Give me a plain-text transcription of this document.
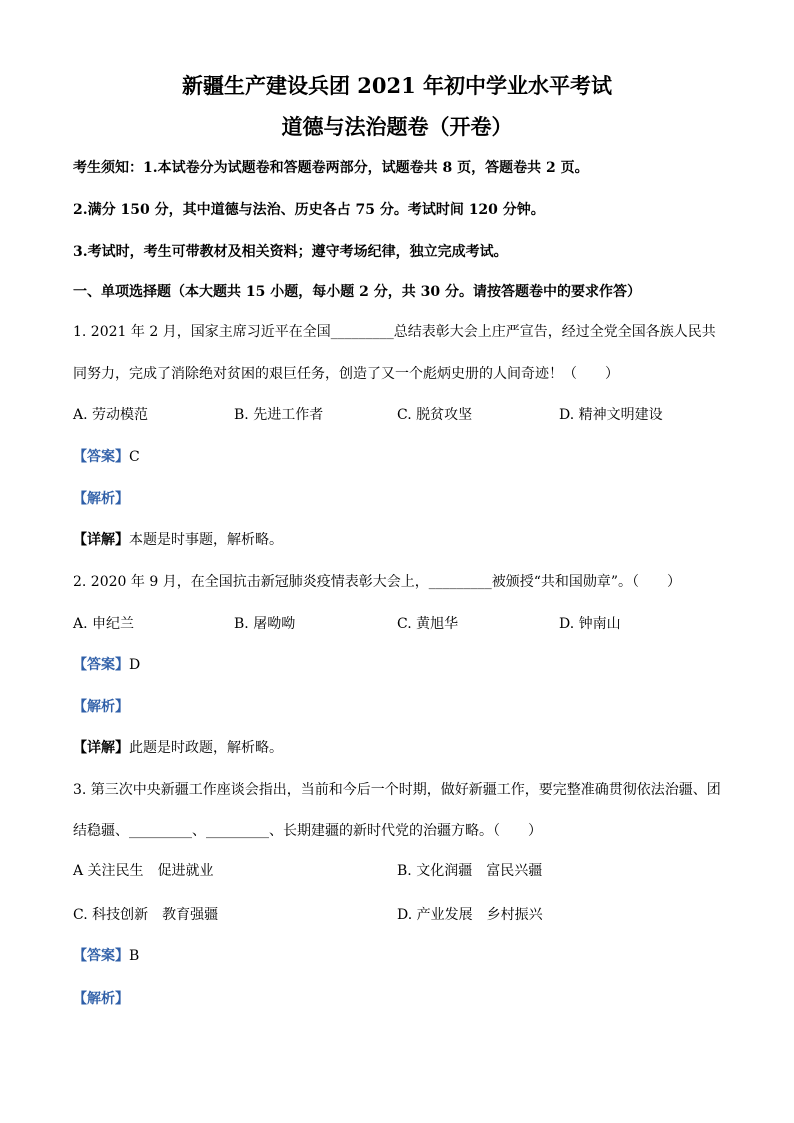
新疆生产建设兵团 2021 年初中学业水平考试
道德与法治题卷（开卷）
考生须知：1.本试卷分为试题卷和答题卷两部分，试题卷共 8 页，答题卷共 2 页。
2.满分 150 分，其中道德与法治、历史各占 75 分。考试时间 120 分钟。
3.考试时，考生可带教材及相关资料；遵守考场纪律，独立完成考试。
一、单项选择题（本大题共 15 小题，每小题 2 分，共 30 分。请按答题卷中的要求作答）
1. 2021 年 2 月，国家主席习近平在全国_________总结表彰大会上庄严宣告，经过全党全国各族人民共
同努力，完成了消除绝对贫困的艰巨任务，创造了又一个彪炳史册的人间奇迹！（　　）
A. 劳动模范	B. 先进工作者	C. 脱贫攻坚	D. 精神文明建设
【答案】C
【解析】
【详解】本题是时事题，解析略。
2. 2020 年 9 月，在全国抗击新冠肺炎疫情表彰大会上，_________被颁授“共和国勋章”。（　　）
A. 申纪兰	B. 屠呦呦	C. 黄旭华	D. 钟南山
【答案】D
【解析】
【详解】此题是时政题，解析略。
3. 第三次中央新疆工作座谈会指出，当前和今后一个时期，做好新疆工作，要完整准确贯彻依法治疆、团
结稳疆、_________、_________、长期建疆的新时代党的治疆方略。（　　）
A 关注民生　促进就业	B. 文化润疆　富民兴疆
C. 科技创新　教育强疆	D. 产业发展　乡村振兴
【答案】B
【解析】
